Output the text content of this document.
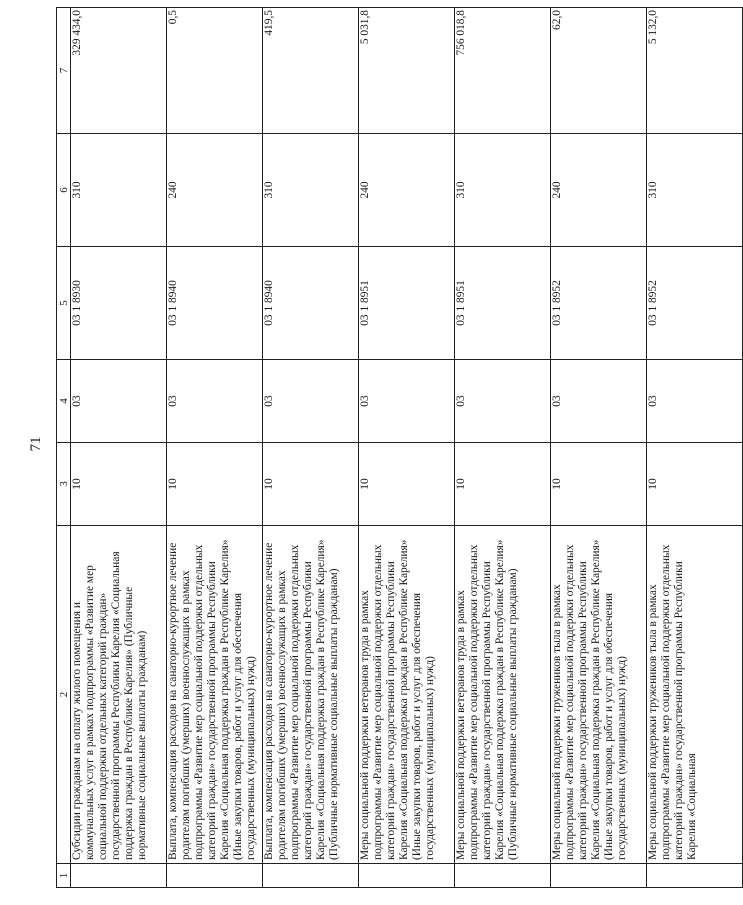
71
1	2	3	4	5	6	7
	Субсидии гражданам на оплату жилого помещения и коммунальных услуг в рамках подпрограммы «Развитие мер социальной поддержки отдельных категорий граждан» государственной программы Республики Карелия «Социальная поддержка граждан в Республике Карелия» (Публичные нормативные социальные выплаты гражданам)	10	03	03 1 8930	310	329 434,0
	Выплата, компенсация расходов на санаторно-курортное лечение родителям погибших (умерших) военнослужащих в рамках подпрограммы «Развитие мер социальной поддержки отдельных категорий граждан» государственной программы Республики Карелия «Социальная поддержка граждан в Республике Карелия» (Иные закупки товаров, работ и услуг для обеспечения государственных (муниципальных) нужд)	10	03	03 1 8940	240	0,5
	Выплата, компенсация расходов на санаторно-курортное лечение родителям погибших (умерших) военнослужащих в рамках подпрограммы «Развитие мер социальной поддержки отдельных категорий граждан» государственной программы Республики Карелия «Социальная поддержка граждан в Республике Карелия» (Публичные нормативные социальные выплаты гражданам)	10	03	03 1 8940	310	419,5
	Меры социальной поддержки ветеранов труда в рамках подпрограммы «Развитие мер социальной поддержки отдельных категорий граждан» государственной программы Республики Карелия «Социальная поддержка граждан в Республике Карелия» (Иные закупки товаров, работ и услуг для обеспечения государственных (муниципальных) нужд)	10	03	03 1 8951	240	5 031,8
	Меры социальной поддержки ветеранов труда в рамках подпрограммы «Развитие мер социальной поддержки отдельных категорий граждан» государственной программы Республики Карелия «Социальная поддержка граждан в Республике Карелия» (Публичные нормативные социальные выплаты гражданам)	10	03	03 1 8951	310	756 018,8
	Меры социальной поддержки тружеников тыла в рамках подпрограммы «Развитие мер социальной поддержки отдельных категорий граждан» государственной программы Республики Карелия «Социальная поддержка граждан в Республике Карелия» (Иные закупки товаров, работ и услуг для обеспечения государственных (муниципальных) нужд)	10	03	03 1 8952	240	62,0
	Меры социальной поддержки тружеников тыла в рамках подпрограммы «Развитие мер социальной поддержки отдельных категорий граждан» государственной программы Республики Карелия «Социальная	10	03	03 1 8952	310	5 132,0
